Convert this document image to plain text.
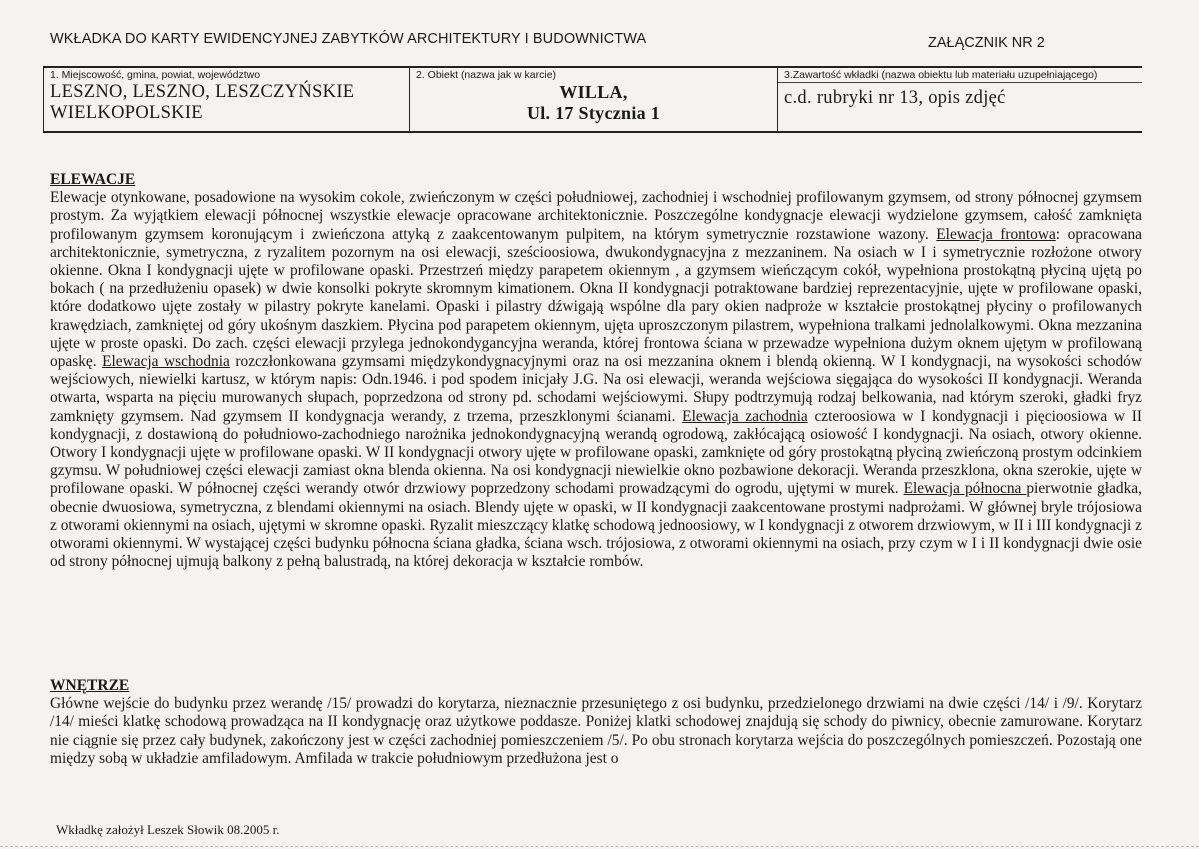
WKŁADKA DO KARTY EWIDENCYJNEJ ZABYTKÓW ARCHITEKTURY I BUDOWNICTWA	ZAŁĄCZNIK NR 2
1. Miejscowość, gmina, powiat, województwo
LESZNO, LESZNO, LESZCZYŃSKIE
WIELKOPOLSKIE
2. Obiekt (nazwa jak w karcie)
WILLA,
Ul. 17 Stycznia 1
3.Zawartość wkładki (nazwa obiektu lub materiału uzupełniającego)
c.d. rubryki nr 13, opis zdjęć
ELEWACJE
Elewacje otynkowane, posadowione na wysokim cokole, zwieńczonym w części południowej, zachodniej i wschodniej profilowanym gzymsem, od strony północnej gzymsem prostym. Za wyjątkiem elewacji północnej wszystkie elewacje opracowane architektonicznie. Poszczególne kondygnacje elewacji wydzielone gzymsem, całość zamknięta profilowanym gzymsem koronującym i zwieńczona attyką z zaakcentowanym pulpitem, na którym symetrycznie rozstawione wazony. Elewacja frontowa: opracowana architektonicznie, symetryczna, z ryzalitem pozornym na osi elewacji, sześcioosiowa, dwukondygnacyjna z mezzaninem. Na osiach w I i symetrycznie rozłożone otwory okienne. Okna I kondygnacji ujęte w profilowane opaski. Przestrzeń między parapetem okiennym , a gzymsem wieńczącym cokół, wypełniona prostokątną płyciną ujętą po bokach ( na przedłużeniu opasek) w dwie konsolki pokryte skromnym kimationem. Okna II kondygnacji potraktowane bardziej reprezentacyjnie, ujęte w profilowane opaski, które dodatkowo ujęte zostały w pilastry pokryte kanelami. Opaski i pilastry dźwigają wspólne dla pary okien nadproże w kształcie prostokątnej płyciny o profilowanych krawędziach, zamkniętej od góry ukośnym daszkiem. Płycina pod parapetem okiennym, ujęta uproszczonym pilastrem, wypełniona tralkami jednolalkowymi. Okna mezzanina ujęte w proste opaski. Do zach. części elewacji przylega jednokondygancyjna weranda, której frontowa ściana w przewadze wypełniona dużym oknem ujętym w profilowaną opaskę. Elewacja wschodnia rozczłonkowana gzymsami międzykondygnacyjnymi oraz na osi mezzanina oknem i blendą okienną. W I kondygnacji, na wysokości schodów wejściowych, niewielki kartusz, w którym napis: Odn.1946. i pod spodem inicjały J.G. Na osi elewacji, weranda wejściowa sięgająca do wysokości II kondygnacji. Weranda otwarta, wsparta na pięciu murowanych słupach, poprzedzona od strony pd. schodami wejściowymi. Słupy podtrzymują rodzaj belkowania, nad którym szeroki, gładki fryz zamknięty gzymsem. Nad gzymsem II kondygnacja werandy, z trzema, przeszklonymi ścianami. Elewacja zachodnia czteroosiowa w I kondygnacji i pięcioosiowa w II kondygnacji, z dostawioną do południowo-zachodniego narożnika jednokondygnacyjną werandą ogrodową, zakłócającą osiowość I kondygnacji. Na osiach, otwory okienne. Otwory I kondygnacji ujęte w profilowane opaski. W II kondygnacji otwory ujęte w profilowane opaski, zamknięte od góry prostokątną płyciną zwieńczoną prostym odcinkiem gzymsu. W południowej części elewacji zamiast okna blenda okienna. Na osi kondygnacji niewielkie okno pozbawione dekoracji. Weranda przeszklona, okna szerokie, ujęte w profilowane opaski. W północnej części werandy otwór drzwiowy poprzedzony schodami prowadzącymi do ogrodu, ujętymi w murek. Elewacja północna pierwotnie gładka, obecnie dwuosiowa, symetryczna, z blendami okiennymi na osiach. Blendy ujęte w opaski, w II kondygnacji zaakcentowane prostymi nadprożami. W głównej bryle trójosiowa z otworami okiennymi na osiach, ujętymi w skromne opaski. Ryzalit mieszczący klatkę schodową jednoosiowy, w I kondygnacji z otworem drzwiowym, w II i III kondygnacji z otworami okiennymi. W wystającej części budynku północna ściana gładka, ściana wsch. trójosiowa, z otworami okiennymi na osiach, przy czym w I i II kondygnacji dwie osie od strony północnej ujmują balkony z pełną balustradą, na której dekoracja w kształcie rombów.
WNĘTRZE
Główne wejście do budynku przez werandę /15/ prowadzi do korytarza, nieznacznie przesuniętego z osi budynku, przedzielonego drzwiami na dwie części /14/ i /9/. Korytarz /14/ mieści klatkę schodową prowadząca na II kondygnację oraz użytkowe poddasze. Poniżej klatki schodowej znajdują się schody do piwnicy, obecnie zamurowane. Korytarz nie ciągnie się przez cały budynek, zakończony jest w części zachodniej pomieszczeniem /5/. Po obu stronach korytarza wejścia do poszczególnych pomieszczeń. Pozostają one między sobą w układzie amfiladowym. Amfilada w trakcie południowym przedłużona jest o
Wkładkę założył Leszek Słowik 08.2005 r.
